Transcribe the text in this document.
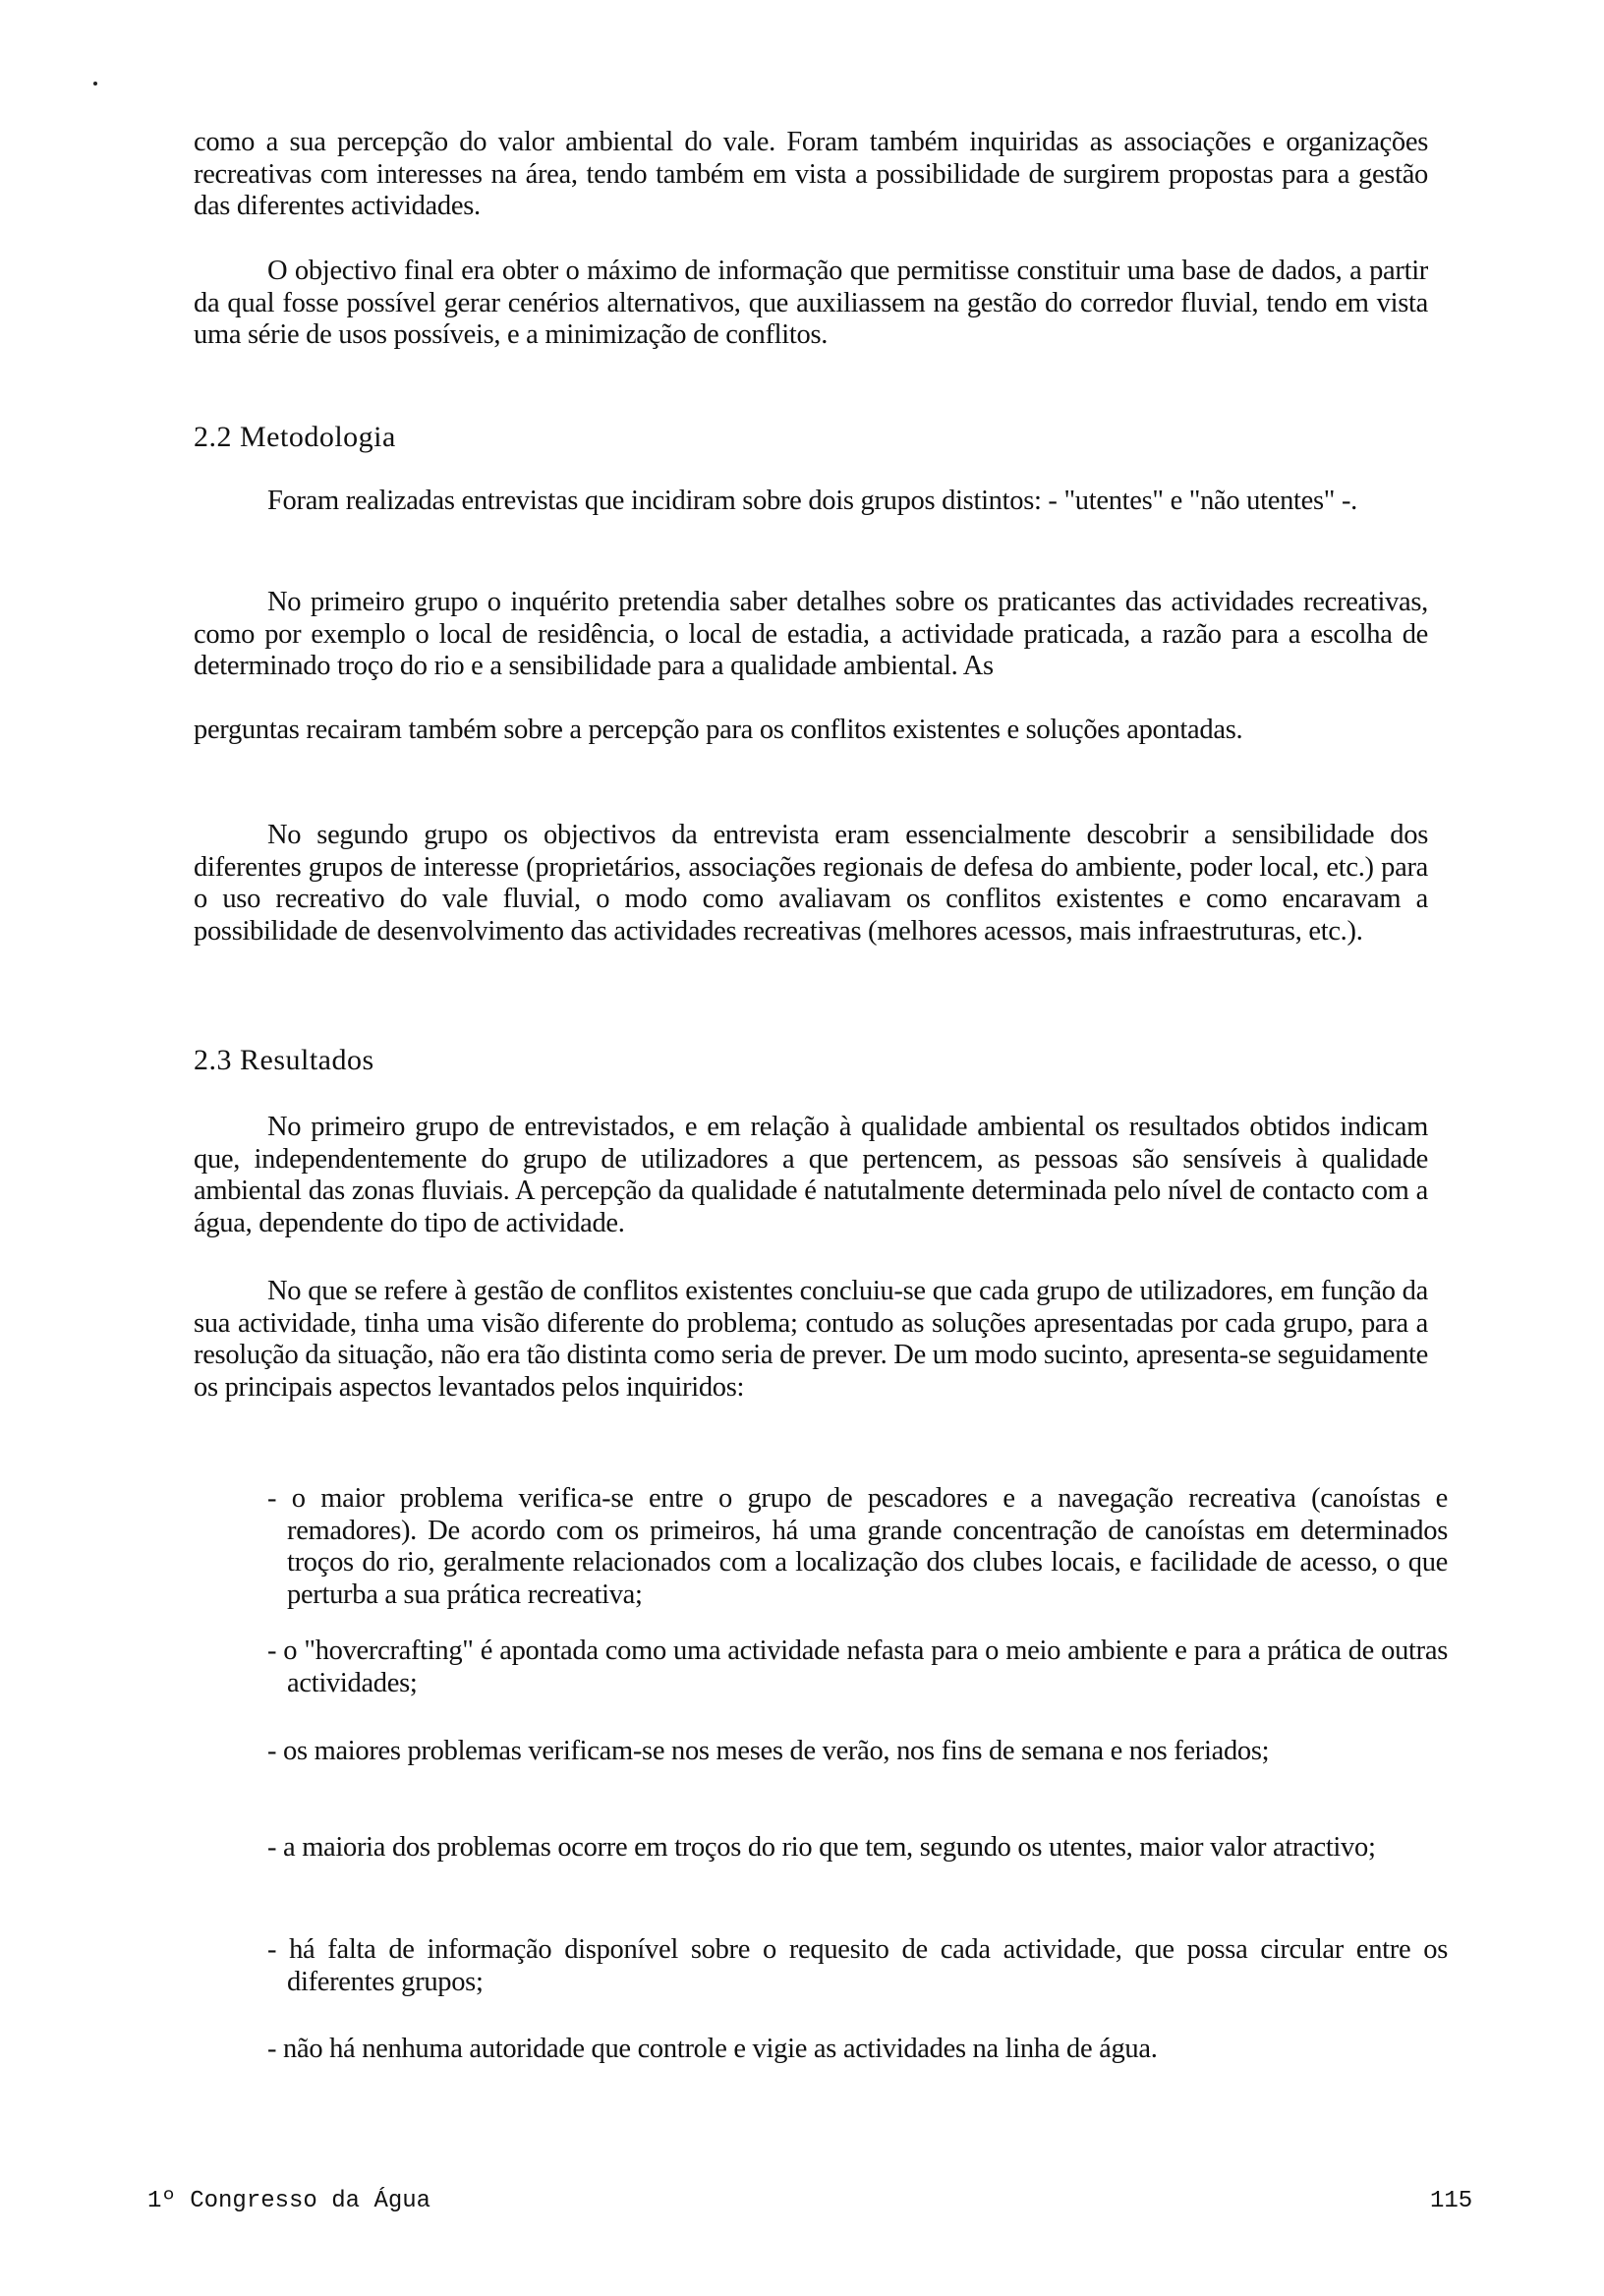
como a sua percepção do valor ambiental do vale. Foram também inquiridas as associações e organizações recreativas com interesses na área, tendo também em vista a possibilidade de surgirem propostas para a gestão das diferentes actividades.
O objectivo final era obter o máximo de informação que permitisse constituir uma base de dados, a partir da qual fosse possível gerar cenérios alternativos, que auxiliassem na gestão do corredor fluvial, tendo em vista uma série de usos possíveis, e a minimização de conflitos.
2.2 Metodologia
Foram realizadas entrevistas que incidiram sobre dois grupos distintos: - "utentes" e "não utentes" -.
No primeiro grupo o inquérito pretendia saber detalhes sobre os praticantes das actividades recreativas, como por exemplo o local de residência, o local de estadia, a actividade praticada, a razão para a escolha de determinado troço do rio e a sensibilidade para a qualidade ambiental. As
perguntas recairam também sobre a percepção para os conflitos existentes e soluções apontadas.
No segundo grupo os objectivos da entrevista eram essencialmente descobrir a sensibilidade dos diferentes grupos de interesse (proprietários, associações regionais de defesa do ambiente, poder local, etc.) para o uso recreativo do vale fluvial, o modo como avaliavam os conflitos existentes e como encaravam a possibilidade de desenvolvimento das actividades recreativas (melhores acessos, mais infraestruturas, etc.).
2.3 Resultados
No primeiro grupo de entrevistados, e em relação à qualidade ambiental os resultados obtidos indicam que, independentemente do grupo de utilizadores a que pertencem, as pessoas são sensíveis à qualidade ambiental das zonas fluviais. A percepção da qualidade é natutalmente determinada pelo nível de contacto com a água, dependente do tipo de actividade.
No que se refere à gestão de conflitos existentes concluiu-se que cada grupo de utilizadores, em função da sua actividade, tinha uma visão diferente do problema; contudo as soluções apresentadas por cada grupo, para a resolução da situação, não era tão distinta como seria de prever. De um modo sucinto, apresenta-se seguidamente os principais aspectos levantados pelos inquiridos:
- o maior problema verifica-se entre o grupo de pescadores e a navegação recreativa (canoístas e remadores). De acordo com os primeiros, há uma grande concentração de canoístas em determinados troços do rio, geralmente relacionados com a localização dos clubes locais, e facilidade de acesso, o que perturba a sua prática recreativa;
- o "hovercrafting" é apontada como uma actividade nefasta para o meio ambiente e para a prática de outras actividades;
- os maiores problemas verificam-se nos meses de verão, nos fins de semana e nos feriados;
- a maioria dos problemas ocorre em troços do rio que tem, segundo os utentes, maior valor atractivo;
- há falta de informação disponível sobre o requesito de cada actividade, que possa circular entre os diferentes grupos;
- não há nenhuma autoridade que controle e vigie as actividades na linha de água.
1º Congresso da Água	115
